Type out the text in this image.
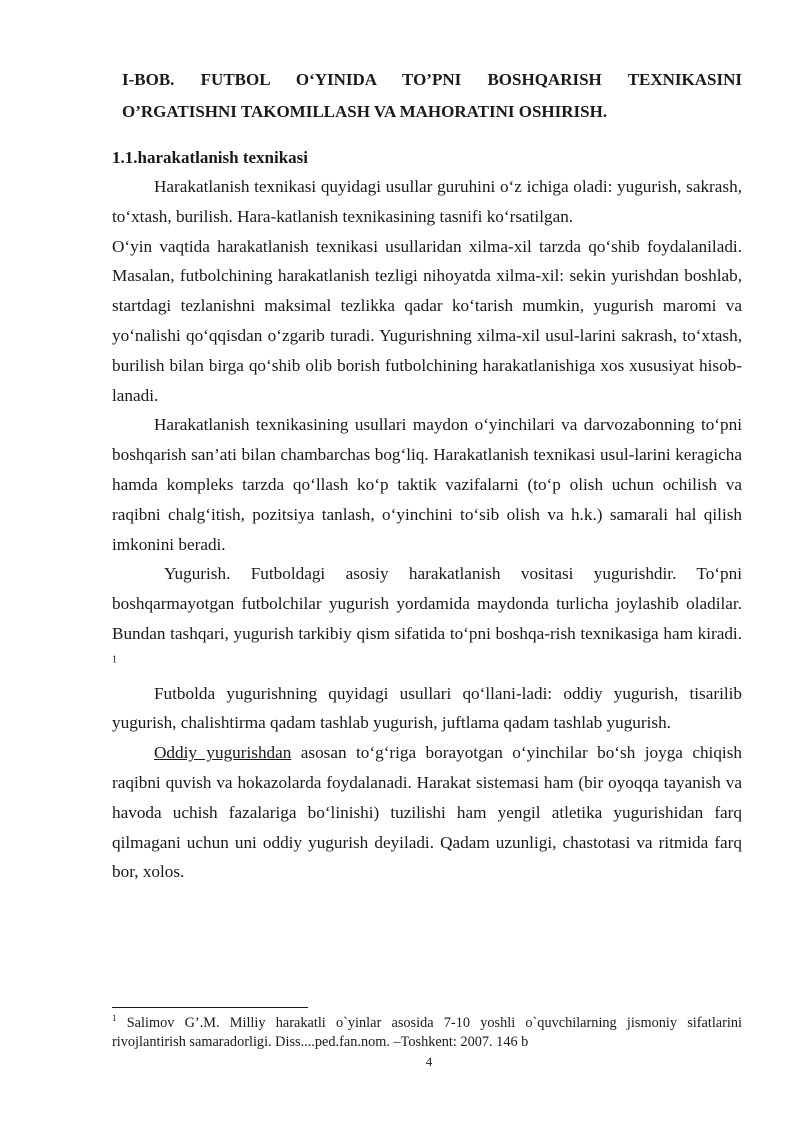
I-BOB. FUTBOL O‘YINIDA TO’PNI BOSHQARISH TEXNIKASINI O’RGATISHNI TAKOMILLASH VA MAHORATINI OSHIRISH.
1.1.harakatlanish texnikasi

Harakatlanish texnikasi quyidagi usullar guruhini o‘z ichiga oladi: yugurish, sakrash, to‘xtash, burilish. Hara-katlanish texnikasining tasnifi ko‘rsatilgan.

O‘yin vaqtida harakatlanish texnikasi usullaridan xilma-xil tarzda qo‘shib foydalaniladi. Masalan, futbolchining harakatlanish tezligi nihoyatda xilma-xil: sekin yurishdan boshlab, startdagi tezlanishni maksimal tezlikka qadar ko‘tarish mumkin, yugurish maromi va yo‘nalishi qo‘qqisdan o‘zgarib turadi. Yugurishning xilma-xil usul-larini sakrash, to‘xtash, burilish bilan birga qo‘shib olib borish futbolchining harakatlanishiga xos xususiyat hisob-lanadi.

Harakatlanish texnikasining usullari maydon o‘yinchilari va darvozabonning to‘pni boshqarish san’ati bilan chambarchas bog‘liq. Harakatlanish texnikasi usul-larini keragicha hamda kompleks tarzda qo‘llash ko‘p taktik vazifalarni (to‘p olish uchun ochilish va raqibni chalg‘itish, pozitsiya tanlash, o‘yinchini to‘sib olish va h.k.) samarali hal qilish imkonini beradi.

Yugurish. Futboldagi asosiy harakatlanish vositasi yugurishdir. To‘pni boshqarmayotgan futbolchilar yugurish yordamida maydonda turlicha joylashib oladilar. Bundan tashqari, yugurish tarkibiy qism sifatida to‘pni boshqa-rish texnikasiga ham kiradi. $^1$

Futbolda yugurishning quyidagi usullari qo‘llani-ladi: oddiy yugurish, tisarilib yugurish, chalishtirma qadam tashlab yugurish, juftlama qadam tashlab yugurish.

Oddiy yugurishdan asosan to‘g‘riga borayotgan o‘yinchilar bo‘sh joyga chiqish raqibni quvish va hokazolarda foydalanadi. Harakat sistemasi ham (bir oyoqqa tayanish va havoda uchish fazalariga bo‘linishi) tuzilishi ham yengil atletika yugurishidan farq qilmagani uchun uni oddiy yugurish deyiladi. Qadam uzunligi, chastotasi va ritmida farq bor, xolos.

$^1$ Salimov G’.M. Milliy harakatli o`yinlar asosida 7-10 yoshli o`quvchilarning jismoniy sifatlarini rivojlantirish samaradorligi. Diss....ped.fan.nom. –Toshkent: 2007. 146 b

4
